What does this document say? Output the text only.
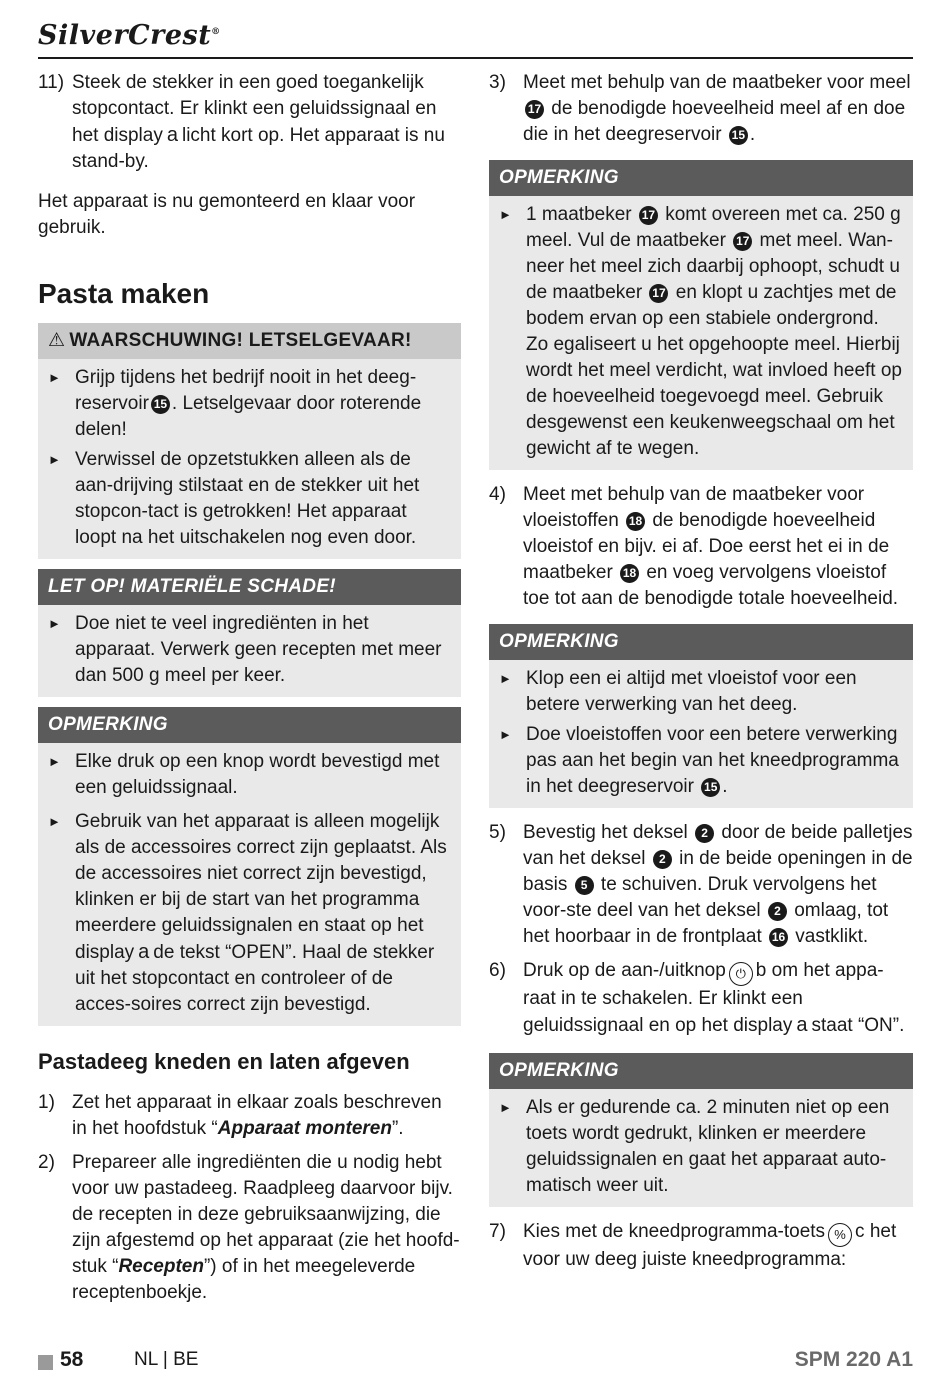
SilverCrest®
11) Steek de stekker in een goed toegankelijk stopcontact. Er klinkt een geluidssignaal en het display a licht kort op. Het apparaat is nu stand-by.

Het apparaat is nu gemonteerd en klaar voor gebruik.

Pasta maken
⚠ WAARSCHUWING! LETSELGEVAAR!
► Grijp tijdens het bedrijf nooit in het deeg-reservoir 15 . Letselgevaar door roterende delen!
► Verwissel de opzetstukken alleen als de aan-drijving stilstaat en de stekker uit het stopcon-tact is getrokken! Het apparaat loopt na het uitschakelen nog even door.
LET OP! MATERIËLE SCHADE!
► Doe niet te veel ingrediënten in het apparaat. Verwerk geen recepten met meer dan 500 g meel per keer.
OPMERKING
► Elke druk op een knop wordt bevestigd met een geluidssignaal.
► Gebruik van het apparaat is alleen mogelijk als de accessoires correct zijn geplaatst. Als de accessoires niet correct zijn bevestigd, klinken er bij de start van het programma meerdere geluidssignalen en staat op het display a de tekst “OPEN”. Haal de stekker uit het stopcontact en controleer of de acces-soires correct zijn bevestigd.
Pastadeeg kneden en laten afgeven
1) Zet het apparaat in elkaar zoals beschreven in het hoofdstuk “Apparaat monteren”.
2) Prepareer alle ingrediënten die u nodig hebt voor uw pastadeeg. Raadpleeg daarvoor bijv. de recepten in deze gebruiksaanwijzing, die zijn afgestemd op het apparaat (zie het hoofd-stuk “Recepten”) of in het meegeleverde receptenboekje.
3) Meet met behulp van de maatbeker voor meel 17 de benodigde hoeveelheid meel af en doe die in het deegreservoir 15 .
OPMERKING
► 1 maatbeker 17 komt overeen met ca. 250 g meel. Vul de maatbeker 17 met meel. Wan-neer het meel zich daarbij ophoopt, schudt u de maatbeker 17 en klopt u zachtjes met de bodem ervan op een stabiele ondergrond. Zo egaliseert u het opgehoopte meel. Hierbij wordt het meel verdicht, wat invloed heeft op de hoeveelheid toegevoegd meel. Gebruik desgewenst een keukenweegschaal om het gewicht af te wegen.
4) Meet met behulp van de maatbeker voor vloeistoffen 18 de benodigde hoeveelheid vloeistof en bijv. ei af. Doe eerst het ei in de maatbeker 18 en voeg vervolgens vloeistof toe tot aan de benodigde totale hoeveelheid.
OPMERKING
► Klop een ei altijd met vloeistof voor een betere verwerking van het deeg.
► Doe vloeistoffen voor een betere verwerking pas aan het begin van het kneedprogramma in het deegreservoir 15 .
5) Bevestig het deksel 2 door de beide palletjes van het deksel 2 in de beide openingen in de basis 5 te schuiven. Druk vervolgens het voor-ste deel van het deksel 2 omlaag, tot het hoorbaar in de frontplaat 16 vastklikt.
6) Druk op de aan-/uitknop ⏻ b om het appa-raat in te schakelen. Er klinkt een geluidssignaal en op het display a staat “ON”.
OPMERKING
► Als er gedurende ca. 2 minuten niet op een toets wordt gedrukt, klinken er meerdere geluidssignalen en gaat het apparaat auto-matisch weer uit.
7) Kies met de kneedprogramma-toets % c het voor uw deeg juiste kneedprogramma:
58	NL | BE	SPM 220 A1
